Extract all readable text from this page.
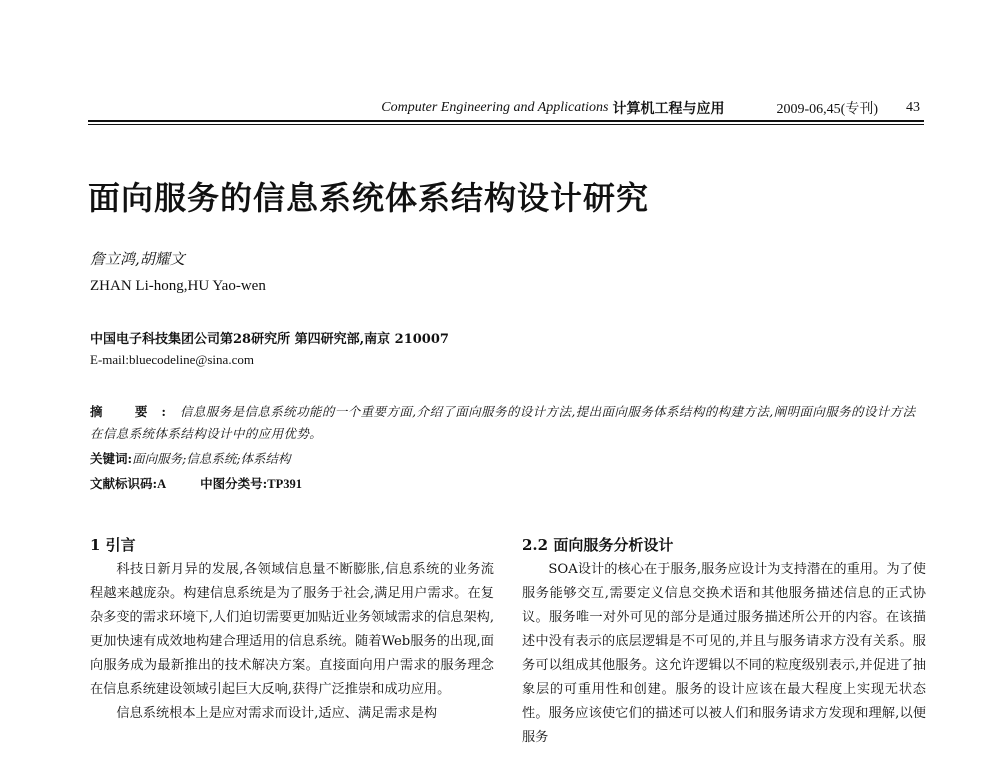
Computer Engineering and Applications 计算机工程与应用	2009-06,45(专刊) 43
面向服务的信息系统体系结构设计研究
詹立鸿,胡耀文
ZHAN Li-hong,HU Yao-wen
中国电子科技集团公司第28研究所 第四研究部,南京 210007
E-mail:bluecodeline@sina.com
摘 要:信息服务是信息系统功能的一个重要方面,介绍了面向服务的设计方法,提出面向服务体系结构的构建方法,阐明面向服务的设计方法在信息系统体系结构设计中的应用优势。
关键词:面向服务;信息系统;体系结构
文献标识码:A	中图分类号:TP391
1 引言

科技日新月异的发展,各领域信息量不断膨胀,信息系统的业务流程越来越庞杂。构建信息系统是为了服务于社会,满足用户需求。在复杂多变的需求环境下,人们迫切需要更加贴近业务领域需求的信息架构,更加快速有成效地构建合理适用的信息系统。随着Web服务的出现,面向服务成为最新推出的技术解决方案。直接面向用户需求的服务理念在信息系统建设领域引起巨大反响,获得广泛推崇和成功应用。

信息系统根本上是应对需求而设计,适应、满足需求是构

2.2 面向服务分析设计

SOA设计的核心在于服务,服务应设计为支持潜在的重用。为了使服务能够交互,需要定义信息交换术语和其他服务描述信息的正式协议。服务唯一对外可见的部分是通过服务描述所公开的内容。在该描述中没有表示的底层逻辑是不可见的,并且与服务请求方没有关系。服务可以组成其他服务。这允许逻辑以不同的粒度级别表示,并促进了抽象层的可重用性和创建。服务的设计应该在最大程度上实现无状态性。服务应该使它们的描述可以被人们和服务请求方发现和理解,以便服务
